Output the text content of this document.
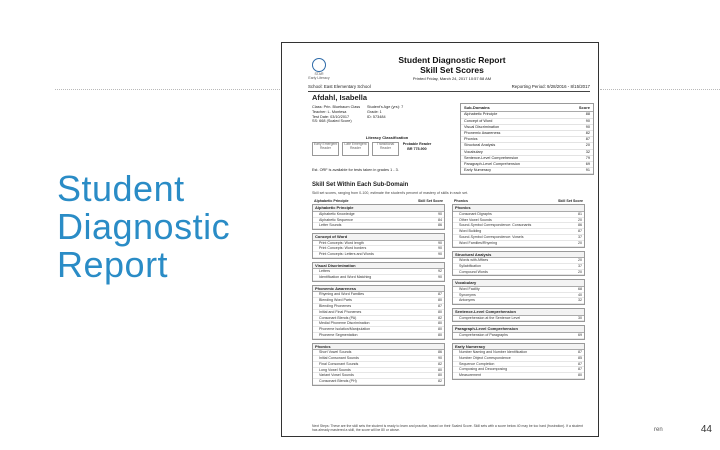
Student
Diagnostic
Report
ren	44
STAR
Early Literacy
Student Diagnostic Report
Skill Set Scores
Printed Friday, March 24, 2017 10:57:58 AM
School: East Elementary School	Reporting Period: 9/28/2016 - 8/15/2017
Afdahl, Isabella
Class: Prin. Bluebaum Class	Student's Age (yrs): 7
Teacher: L. Montesa	Grade: 1
Test Date: 03/10/2017	ID: 573484
SS: 668 (Scaled Score)
Literacy Classification
Early Emergent Reader
Late Emergent Reader
Transitional Reader
Probable Reader
BR 775-900
Est. ORF is available for tests taken in grades 1 - 3.
Sub-Domains	Score
Alphabetic Principle	88
Concept of Word	90
Visual Discrimination	90
Phonemic Awareness	82
Phonics	87
Structural Analysis	20
Vocabulary	32
Sentence-Level Comprehension	79
Paragraph-Level Comprehension	69
Early Numeracy	91
Skill Set Within Each Sub-Domain
Skill set scores, ranging from 0-100, estimate the student's percent of mastery of skills in each set.
Alphabetic Principle	Skill Set Score
Alphabetic Principle
Alphabetic Knowledge	90
Alphabetic Sequence	84
Letter Sounds	86
Concept of Word
Print Concepts: Word length	90
Print Concepts: Word borders	90
Print Concepts: Letters and Words	90
Visual Discrimination
Letters	92
Identification and Word Matching	90
Phonemic Awareness
Rhyming and Word Families	87
Blending Word Parts	80
Blending Phonemes	87
Initial and Final Phonemes	80
Consonant Blends (PA)	82
Medial Phoneme Discrimination	80
Phoneme Isolation/Manipulation	80
Phoneme Segmentation	80
Phonics
Short Vowel Sounds	86
Initial Consonant Sounds	90
Final Consonant Sounds	82
Long Vowel Sounds	80
Variant Vowel Sounds	80
Consonant Blends (PH)	82
Phonics	Skill Set Score
Phonics
Consonant Digraphs	81
Other Vowel Sounds	20
Sound-Symbol Correspondence: Consonants	86
Word Building	87
Sound-Symbol Correspondence: Vowels	37
Word Families/Rhyming	20
Structural Analysis
Words with Affixes	20
Syllabification	37
Compound Words	20
Vocabulary
Word Facility	68
Synonyms	40
Antonyms	32
Sentence-Level Comprehension
Comprehension at the Sentence Level	30
Paragraph-Level Comprehension
Comprehension of Paragraphs	69
Early Numeracy
Number Naming and Number Identification	87
Number Object Correspondence	85
Sequence Completion	87
Composing and Decomposing	87
Measurement	80
Next Steps: These are the skill sets the student is ready to learn and practice, based on their Scaled Score. Skill sets with a score below 40 may be too hard (frustration). If a student has already mastered a skill, the score will be 80 or above.
